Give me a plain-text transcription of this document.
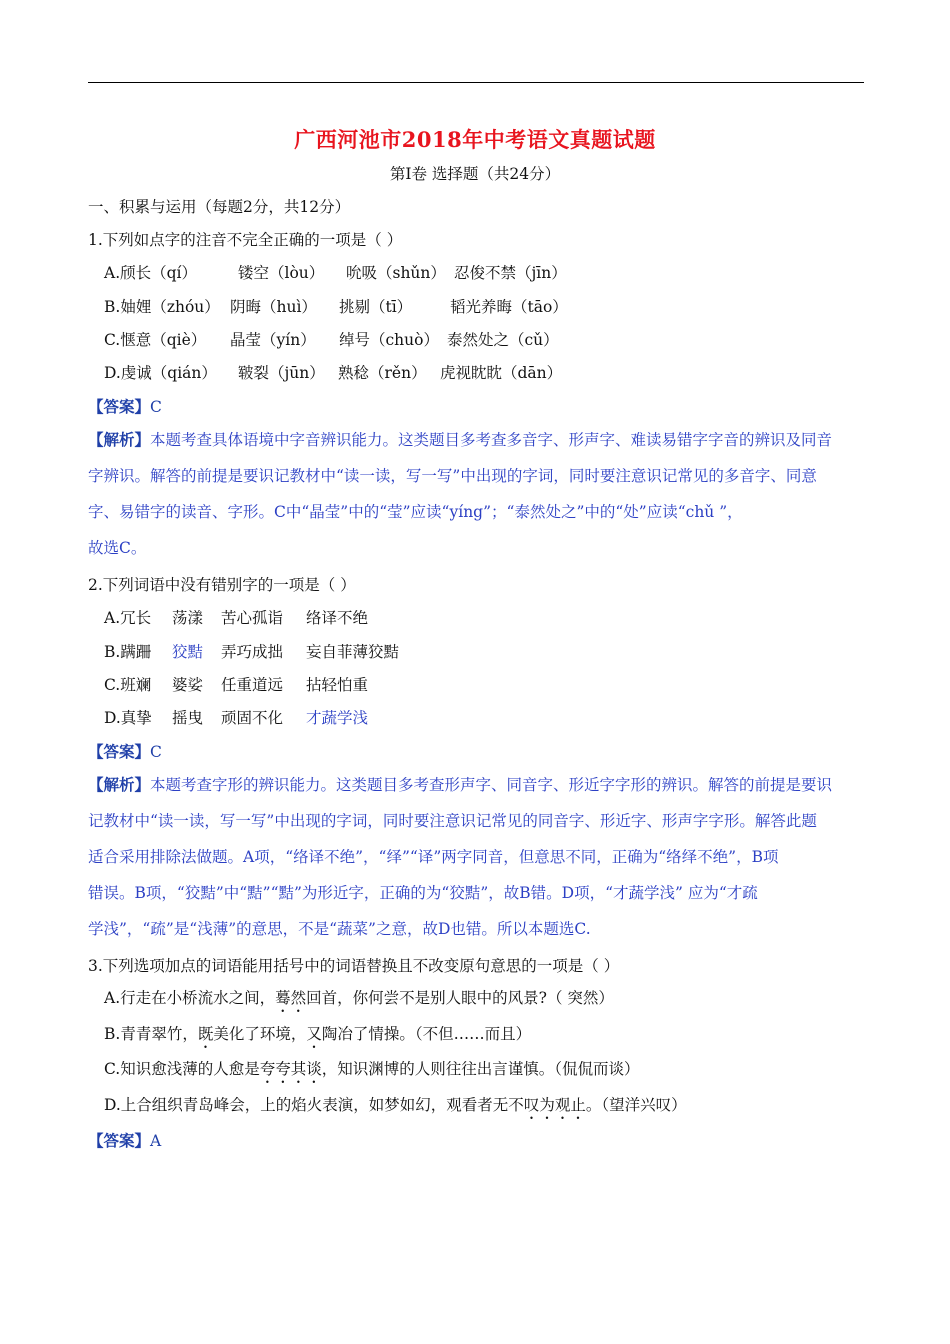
广西河池市2018年中考语文真题试题
第Ⅰ卷 选择题（共24分）
一、积累与运用（每题2分，共12分）
1.下列如点字的注音不完全正确的一项是（ ）
A.颀长（qí）	镂空（lòu） 吮吸（shǔn） 忍俊不禁（jīn）
B.妯娌（zhóu） 阴晦（huì） 挑剔（tī） 韬光养晦（tāo）
C.惬意（qiè） 晶莹（yín） 绰号（chuò） 泰然处之（cǔ）
D.虔诚（qián） 皲裂（jūn） 熟稔（rěn） 虎视眈眈（dān）
【答案】C
【解析】本题考查具体语境中字音辨识能力。这类题目多考查多音字、形声字、难读易错字字音的辨识及同音
字辨识。解答的前提是要识记教材中“读一读，写一写”中出现的字词，同时要注意识记常见的多音字、同意
字、易错字的读音、字形。C中“晶莹”中的“莹”应读“yíng”；“泰然处之”中的“处”应读“chǔ ”，
故选C。
2.下列词语中没有错别字的一项是（ ）
A.冗长 荡漾 苦心孤诣 络译不绝
B.蹒跚 狡黠 弄巧成拙 妄自菲薄狡黠
C.班斓 婆娑 任重道远 拈轻怕重
D.真挚 摇曳 顽固不化 才蔬学浅
【答案】C
【解析】本题考查字形的辨识能力。这类题目多考查形声字、同音字、形近字字形的辨识。解答的前提是要识
记教材中“读一读，写一写”中出现的字词，同时要注意识记常见的同音字、形近字、形声字字形。解答此题
适合采用排除法做题。A项，“络译不绝”，“绎”“译”两字同音，但意思不同，正确为“络绎不绝”，B项
错误。B项，“狡黠”中“黠”“黠”为形近字，正确的为“狡黠”，故B错。D项，“才蔬学浅” 应为“才疏
学浅”，“疏”是“浅薄”的意思，不是“蔬菜”之意，故D也错。所以本题选C.
3.下列选项加点的词语能用括号中的词语替换且不改变原句意思的一项是（ ）
A.行走在小桥流水之间，蓦然回首，你何尝不是别人眼中的风景?（ 突然）
B.青青翠竹，既美化了环境，又陶冶了情操。（不但……而且）
C.知识愈浅薄的人愈是夸夸其谈，知识渊博的人则往往出言谨慎。（侃侃而谈）
D.上合组织青岛峰会，上的焰火表演，如梦如幻，观看者无不叹为观止。（望洋兴叹）
【答案】A
